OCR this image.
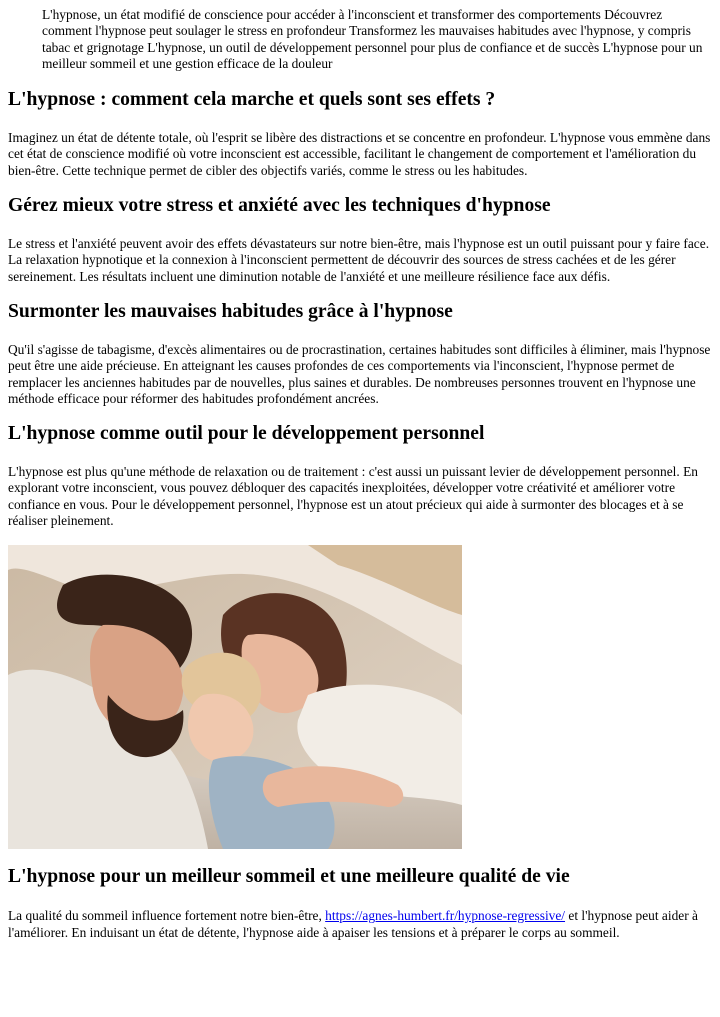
L'hypnose, un état modifié de conscience pour accéder à l'inconscient et transformer des comportements Découvrez comment l'hypnose peut soulager le stress en profondeur Transformez les mauvaises habitudes avec l'hypnose, y compris tabac et grignotage L'hypnose, un outil de développement personnel pour plus de confiance et de succès L'hypnose pour un meilleur sommeil et une gestion efficace de la douleur
L'hypnose : comment cela marche et quels sont ses effets ?

Imaginez un état de détente totale, où l'esprit se libère des distractions et se concentre en profondeur. L'hypnose vous emmène dans cet état de conscience modifié où votre inconscient est accessible, facilitant le changement de comportement et l'amélioration du bien-être. Cette technique permet de cibler des objectifs variés, comme le stress ou les habitudes.

Gérez mieux votre stress et anxiété avec les techniques d'hypnose

Le stress et l'anxiété peuvent avoir des effets dévastateurs sur notre bien-être, mais l'hypnose est un outil puissant pour y faire face. La relaxation hypnotique et la connexion à l'inconscient permettent de découvrir des sources de stress cachées et de les gérer sereinement. Les résultats incluent une diminution notable de l'anxiété et une meilleure résilience face aux défis.

Surmonter les mauvaises habitudes grâce à l'hypnose

Qu'il s'agisse de tabagisme, d'excès alimentaires ou de procrastination, certaines habitudes sont difficiles à éliminer, mais l'hypnose peut être une aide précieuse. En atteignant les causes profondes de ces comportements via l'inconscient, l'hypnose permet de remplacer les anciennes habitudes par de nouvelles, plus saines et durables. De nombreuses personnes trouvent en l'hypnose une méthode efficace pour réformer des habitudes profondément ancrées.

L'hypnose comme outil pour le développement personnel

L'hypnose est plus qu'une méthode de relaxation ou de traitement : c'est aussi un puissant levier de développement personnel. En explorant votre inconscient, vous pouvez débloquer des capacités inexploitées, développer votre créativité et améliorer votre confiance en vous. Pour le développement personnel, l'hypnose est un atout précieux qui aide à surmonter des blocages et à se réaliser pleinement.

L'hypnose pour un meilleur sommeil et une meilleure qualité de vie

La qualité du sommeil influence fortement notre bien-être, https://agnes-humbert.fr/hypnose-regressive/ et l'hypnose peut aider à l'améliorer. En induisant un état de détente, l'hypnose aide à apaiser les tensions et à préparer le corps au sommeil.
